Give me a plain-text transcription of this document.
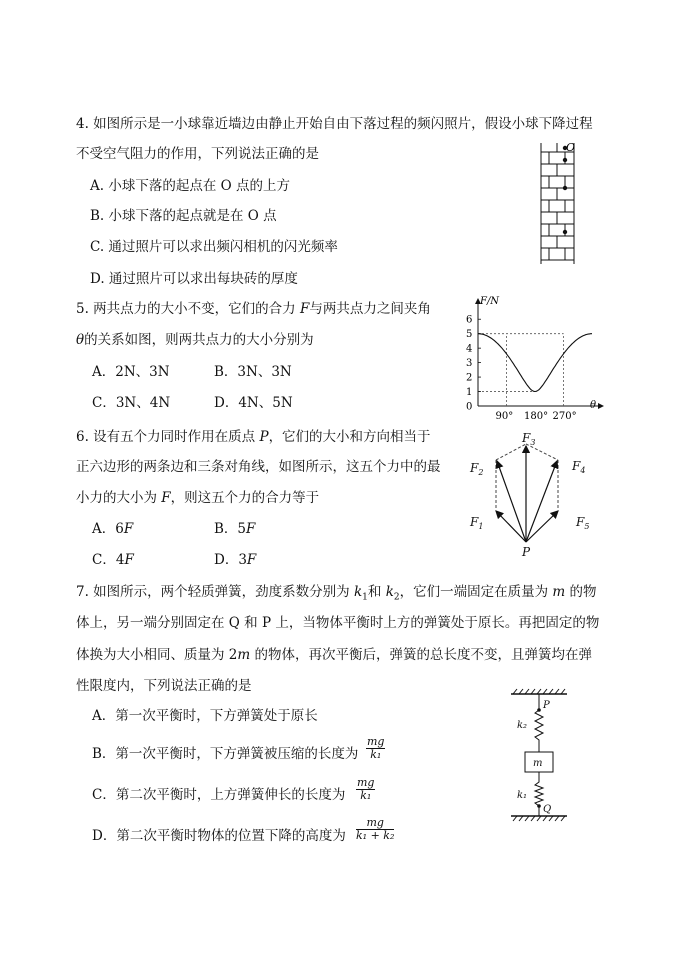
4. 如图所示是一小球靠近墙边由静止开始自由下落过程的频闪照片，假设小球下降过程
不受空气阻力的作用，下列说法正确的是
A. 小球下落的起点在 O 点的上方
B. 小球下落的起点就是在 O 点
C. 通过照片可以求出频闪相机的闪光频率
D. 通过照片可以求出每块砖的厚度
O
5. 两共点力的大小不变，它们的合力 F与两共点力之间夹角
θ的关系如图，则两共点力的大小分别为
A．2N、3N	B．3N、3N
C．3N、4N	D．4N、5N
F/N
θ
0
1
2
3
4
5
6
90° 180° 270°
6. 设有五个力同时作用在质点 P，它们的大小和方向相当于
正六边形的两条边和三条对角线，如图所示，这五个力中的最
小力的大小为 F，则这五个力的合力等于
A．6F	B．5F
C．4F	D．3F
$F_3$
$F_2$	$F_4$
$F_1$	$F_5$
P
7. 如图所示，两个轻质弹簧，劲度系数分别为 $k_1$和 $k_2$，它们一端固定在质量为 m 的物
体上，另一端分别固定在 Q 和 P 上，当物体平衡时上方的弹簧处于原长。再把固定的物
体换为大小相同、质量为 2m 的物体，再次平衡后，弹簧的总长度不变，且弹簧均在弹
性限度内，下列说法正确的是
A．第一次平衡时，下方弹簧处于原长
B．第一次平衡时，下方弹簧被压缩的长度为 $\frac{mg}{\text{k₁}}$
C．第二次平衡时，上方弹簧伸长的长度为 $\frac{mg}{\text{k₁}}$
D．第二次平衡时物体的位置下降的高度为 $\frac{mg}{\text{k₁ + k₂}}$
P
Q
m
k₂
k₁
